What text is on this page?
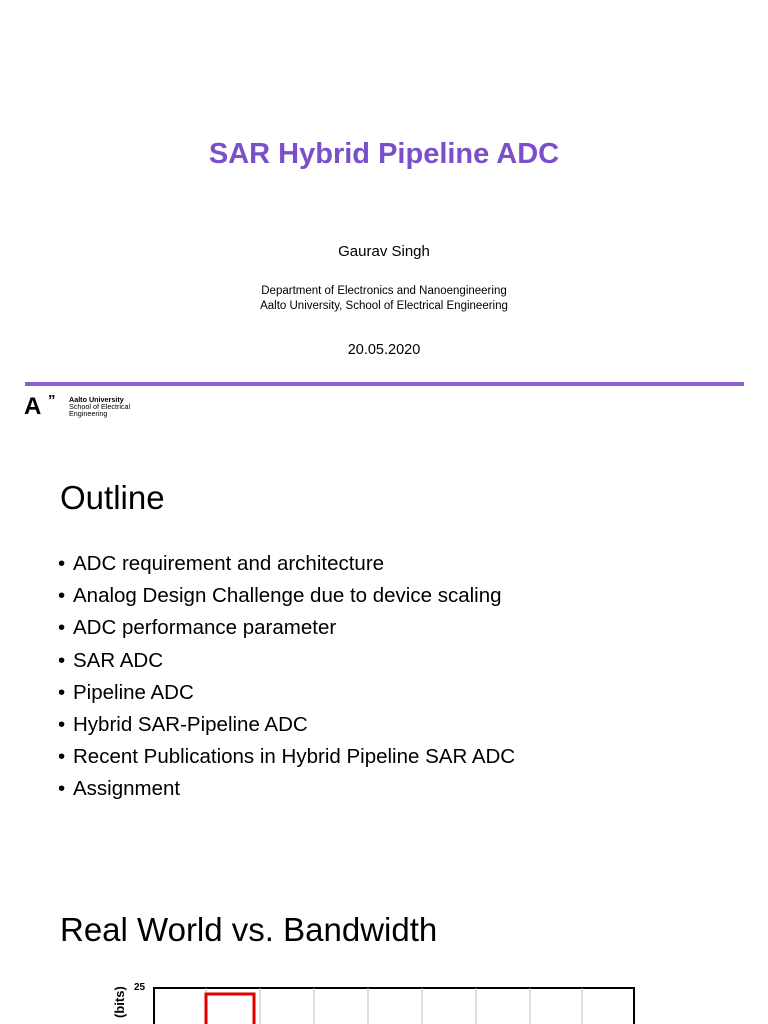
SAR Hybrid Pipeline ADC
Gaurav Singh
Department of Electronics and Nanoengineering
Aalto University, School of Electrical Engineering
20.05.2020
A ” Aalto University
School of Electrical
Engineering
Outline
• ADC requirement and architecture
• Analog Design Challenge due to device scaling
• ADC performance parameter
• SAR ADC
• Pipeline ADC
• Hybrid SAR-Pipeline ADC
• Recent Publications in Hybrid Pipeline SAR ADC
• Assignment
Real World vs. Bandwidth
(bits) 25
